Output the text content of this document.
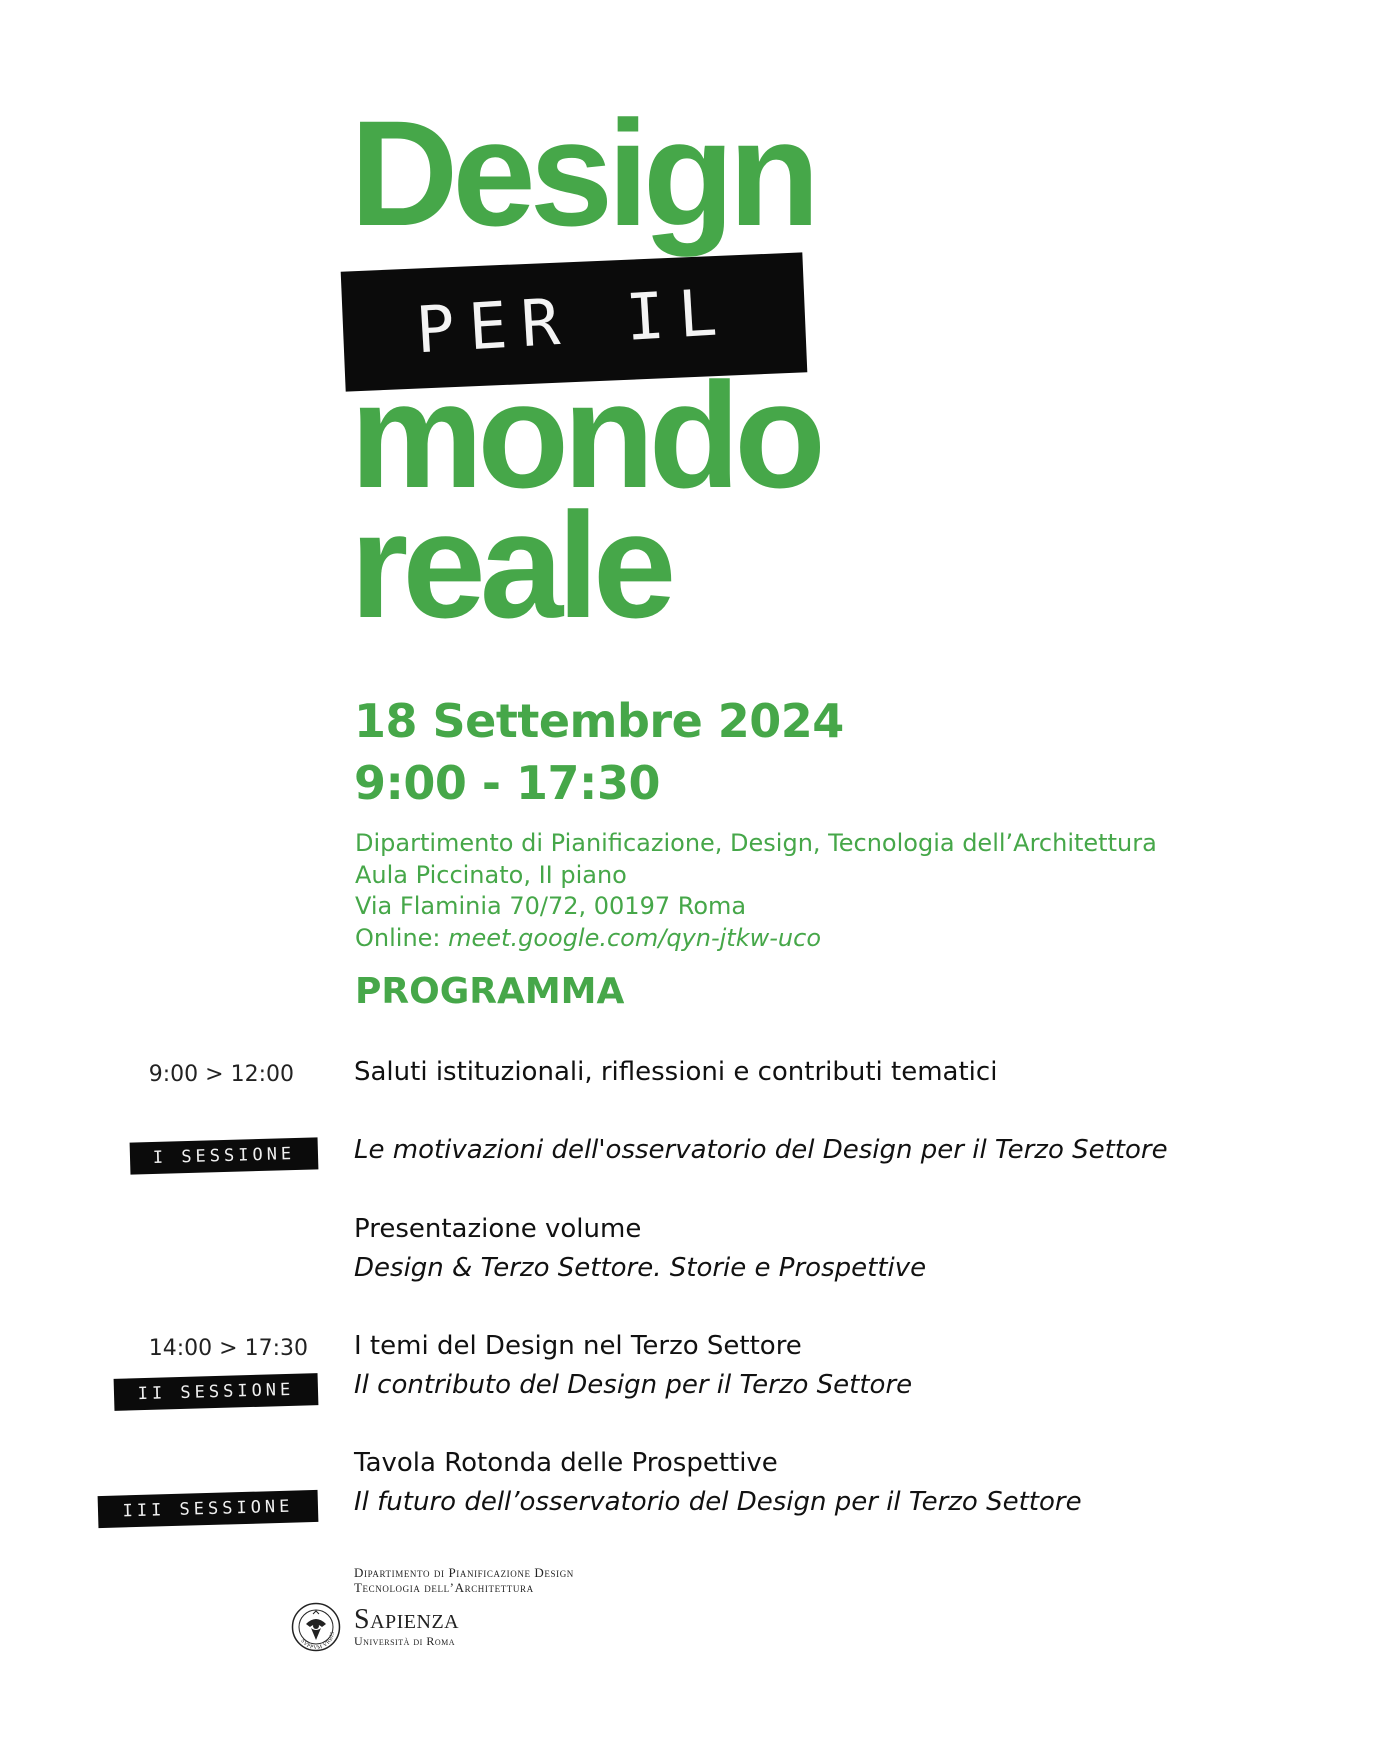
Design
PER IL
mondo
reale
18 Settembre 2024
9:00 - 17:30
Dipartimento di Pianificazione, Design, Tecnologia dell’Architettura
Aula Piccinato, II piano
Via Flaminia 70/72, 00197 Roma
Online: meet.google.com/qyn-jtkw-uco
PROGRAMMA
9:00 > 12:00 Saluti istituzionali, riflessioni e contributi tematici
I SESSIONE Le motivazioni dell'osservatorio del Design per il Terzo Settore
Presentazione volume
Design & Terzo Settore. Storie e Prospettive
14:00 > 17:30 I temi del Design nel Terzo Settore
II SESSIONE Il contributo del Design per il Terzo Settore
Tavola Rotonda delle Prospettive
III SESSIONE Il futuro dell’osservatorio del Design per il Terzo Settore
Dipartimento di Pianificazione Design
Tecnologia dell’Architettura
SVPPVM VRBIS Sapienza
Università di Roma
